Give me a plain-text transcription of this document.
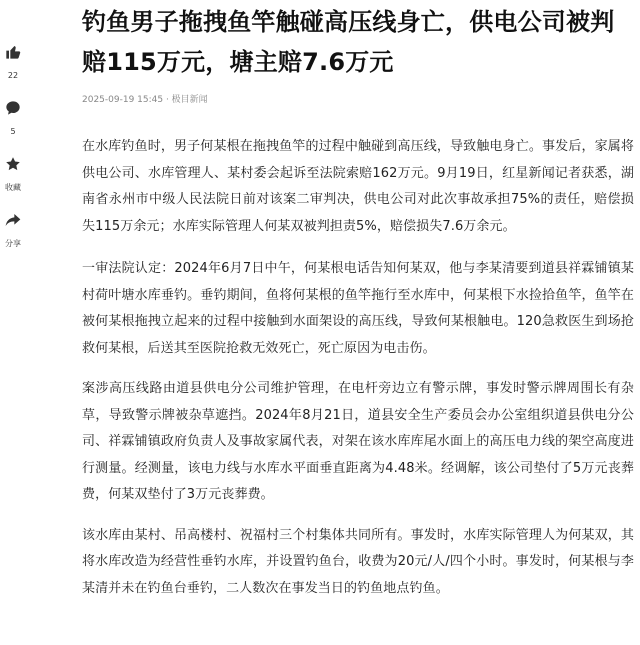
22
5
收藏
分享
钓鱼男子拖拽鱼竿触碰高压线身亡，供电公司被判赔115万元，塘主赔7.6万元
2025-09-19 15:45 · 极目新闻

在水库钓鱼时，男子何某根在拖拽鱼竿的过程中触碰到高压线，导致触电身亡。事发后，家属将供电公司、水库管理人、某村委会起诉至法院索赔162万元。9月19日，红星新闻记者获悉，湖南省永州市中级人民法院日前对该案二审判决，供电公司对此次事故承担75%的责任，赔偿损失115万余元；水库实际管理人何某双被判担责5%，赔偿损失7.6万余元。

一审法院认定：2024年6月7日中午，何某根电话告知何某双，他与李某清要到道县祥霖铺镇某村荷叶塘水库垂钓。垂钓期间，鱼将何某根的鱼竿拖行至水库中，何某根下水捡拾鱼竿，鱼竿在被何某根拖拽立起来的过程中接触到水面架设的高压线，导致何某根触电。120急救医生到场抢救何某根，后送其至医院抢救无效死亡，死亡原因为电击伤。

案涉高压线路由道县供电分公司维护管理，在电杆旁边立有警示牌，事发时警示牌周围长有杂草，导致警示牌被杂草遮挡。2024年8月21日，道县安全生产委员会办公室组织道县供电分公司、祥霖铺镇政府负责人及事故家属代表，对架在该水库库尾水面上的高压电力线的架空高度进行测量。经测量，该电力线与水库水平面垂直距离为4.48米。经调解，该公司垫付了5万元丧葬费，何某双垫付了3万元丧葬费。

该水库由某村、吊高楼村、祝福村三个村集体共同所有。事发时，水库实际管理人为何某双，其将水库改造为经营性垂钓水库，并设置钓鱼台，收费为20元/人/四个小时。事发时，何某根与李某清并未在钓鱼台垂钓，二人数次在事发当日的钓鱼地点钓鱼。
